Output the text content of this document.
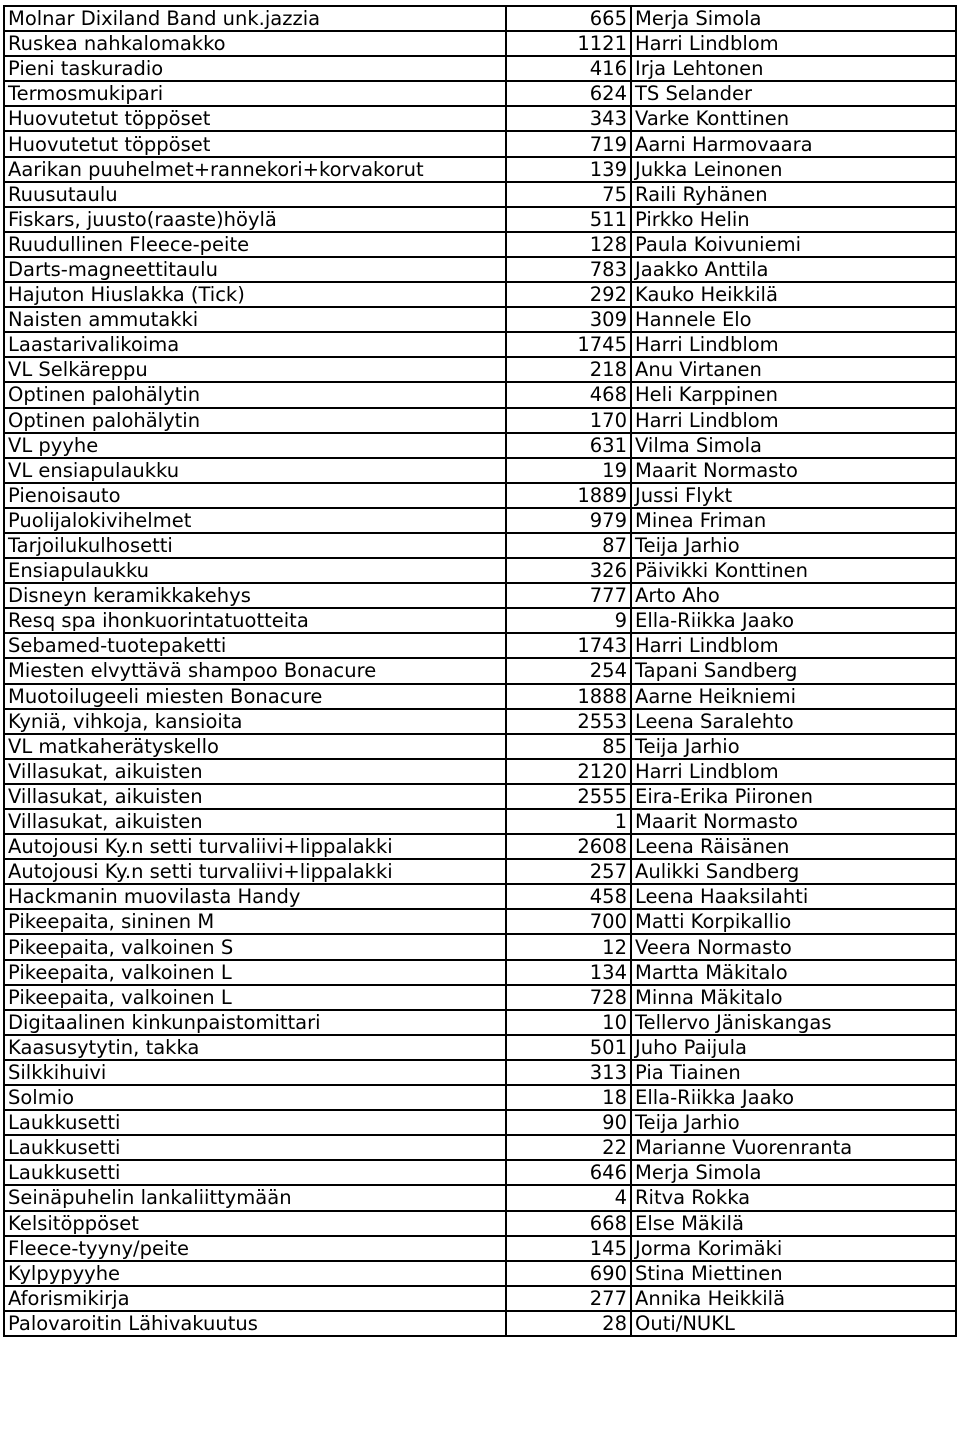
Molnar Dixiland Band unk.jazzia	665	Merja Simola
Ruskea nahkalomakko	1121	Harri Lindblom
Pieni taskuradio	416	Irja Lehtonen
Termosmukipari	624	TS Selander
Huovutetut töppöset	343	Varke Konttinen
Huovutetut töppöset	719	Aarni Harmovaara
Aarikan puuhelmet+rannekori+korvakorut	139	Jukka Leinonen
Ruusutaulu	75	Raili Ryhänen
Fiskars, juusto(raaste)höylä	511	Pirkko Helin
Ruudullinen Fleece-peite	128	Paula Koivuniemi
Darts-magneettitaulu	783	Jaakko Anttila
Hajuton Hiuslakka (Tick)	292	Kauko Heikkilä
Naisten ammutakki	309	Hannele Elo
Laastarivalikoima	1745	Harri Lindblom
VL Selkäreppu	218	Anu Virtanen
Optinen palohälytin	468	Heli Karppinen
Optinen palohälytin	170	Harri Lindblom
VL pyyhe	631	Vilma Simola
VL ensiapulaukku	19	Maarit Normasto
Pienoisauto	1889	Jussi Flykt
Puolijalokivihelmet	979	Minea Friman
Tarjoilukulhosetti	87	Teija Jarhio
Ensiapulaukku	326	Päivikki Konttinen
Disneyn keramikkakehys	777	Arto Aho
Resq spa ihonkuorintatuotteita	9	Ella-Riikka Jaako
Sebamed-tuotepaketti	1743	Harri Lindblom
Miesten elvyttävä shampoo Bonacure	254	Tapani Sandberg
Muotoilugeeli miesten Bonacure	1888	Aarne Heikniemi
Kyniä, vihkoja, kansioita	2553	Leena Saralehto
VL matkaherätyskello	85	Teija Jarhio
Villasukat, aikuisten	2120	Harri Lindblom
Villasukat, aikuisten	2555	Eira-Erika Piironen
Villasukat, aikuisten	1	Maarit Normasto
Autojousi Ky.n setti turvaliivi+lippalakki	2608	Leena Räisänen
Autojousi Ky.n setti turvaliivi+lippalakki	257	Aulikki Sandberg
Hackmanin muovilasta Handy	458	Leena Haaksilahti
Pikeepaita, sininen M	700	Matti Korpikallio
Pikeepaita, valkoinen S	12	Veera Normasto
Pikeepaita, valkoinen L	134	Martta Mäkitalo
Pikeepaita, valkoinen L	728	Minna Mäkitalo
Digitaalinen kinkunpaistomittari	10	Tellervo Jäniskangas
Kaasusytytin, takka	501	Juho Paijula
Silkkihuivi	313	Pia Tiainen
Solmio	18	Ella-Riikka Jaako
Laukkusetti	90	Teija Jarhio
Laukkusetti	22	Marianne Vuorenranta
Laukkusetti	646	Merja Simola
Seinäpuhelin lankaliittymään	4	Ritva Rokka
Kelsitöppöset	668	Else Mäkilä
Fleece-tyyny/peite	145	Jorma Korimäki
Kylpypyyhe	690	Stina Miettinen
Aforismikirja	277	Annika Heikkilä
Palovaroitin Lähivakuutus	28	Outi/NUKL
